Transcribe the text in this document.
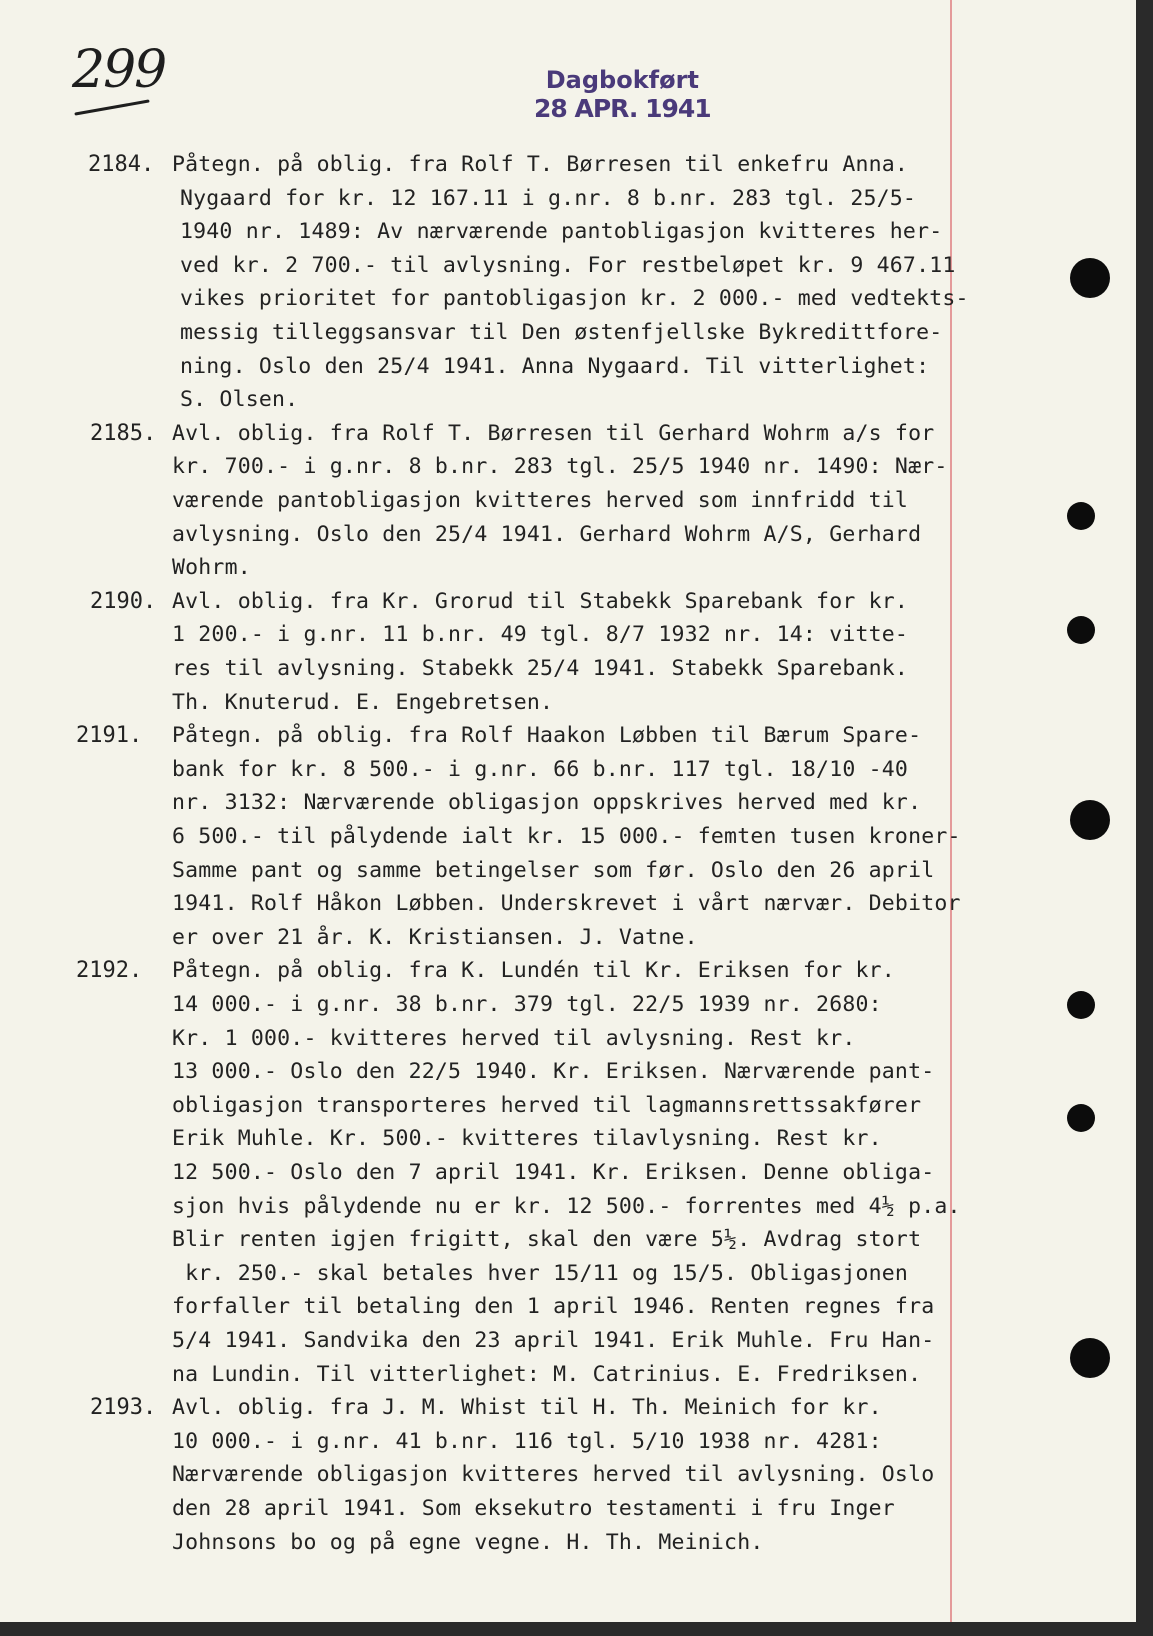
299	Dagbokført
28 APR. 1941
2184. Påtegn. på oblig. fra Rolf T. Børresen til enkefru Anna.
Nygaard for kr. 12 167.11 i g.nr. 8 b.nr. 283 tgl. 25/5-
1940 nr. 1489: Av nærværende pantobligasjon kvitteres her-
ved kr. 2 700.- til avlysning. For restbeløpet kr. 9 467.11
vikes prioritet for pantobligasjon kr. 2 000.- med vedtekts-
messig tilleggsansvar til Den østenfjellske Bykredittfore-
ning. Oslo den 25/4 1941. Anna Nygaard. Til vitterlighet:
S. Olsen.
2185. Avl. oblig. fra Rolf T. Børresen til Gerhard Wohrm a/s for
kr. 700.- i g.nr. 8 b.nr. 283 tgl. 25/5 1940 nr. 1490: Nær-
værende pantobligasjon kvitteres herved som innfridd til
avlysning. Oslo den 25/4 1941. Gerhard Wohrm A/S, Gerhard
Wohrm.
2190. Avl. oblig. fra Kr. Grorud til Stabekk Sparebank for kr.
1 200.- i g.nr. 11 b.nr. 49 tgl. 8/7 1932 nr. 14: vitte-
res til avlysning. Stabekk 25/4 1941. Stabekk Sparebank.
Th. Knuterud. E. Engebretsen.
2191. Påtegn. på oblig. fra Rolf Haakon Løbben til Bærum Spare-
bank for kr. 8 500.- i g.nr. 66 b.nr. 117 tgl. 18/10 -40
nr. 3132: Nærværende obligasjon oppskrives herved med kr.
6 500.- til pålydende ialt kr. 15 000.- femten tusen kroner-
Samme pant og samme betingelser som før. Oslo den 26 april
1941. Rolf Håkon Løbben. Underskrevet i vårt nærvær. Debitor
er over 21 år. K. Kristiansen. J. Vatne.
2192. Påtegn. på oblig. fra K. Lundén til Kr. Eriksen for kr.
14 000.- i g.nr. 38 b.nr. 379 tgl. 22/5 1939 nr. 2680:
Kr. 1 000.- kvitteres herved til avlysning. Rest kr.
13 000.- Oslo den 22/5 1940. Kr. Eriksen. Nærværende pant-
obligasjon transporteres herved til lagmannsrettssakfører
Erik Muhle. Kr. 500.- kvitteres tilavlysning. Rest kr.
12 500.- Oslo den 7 april 1941. Kr. Eriksen. Denne obliga-
sjon hvis pålydende nu er kr. 12 500.- forrentes med 4½ p.a.
Blir renten igjen frigitt, skal den være 5½. Avdrag stort
kr. 250.- skal betales hver 15/11 og 15/5. Obligasjonen
forfaller til betaling den 1 april 1946. Renten regnes fra
5/4 1941. Sandvika den 23 april 1941. Erik Muhle. Fru Han-
na Lundin. Til vitterlighet: M. Catrinius. E. Fredriksen.
2193. Avl. oblig. fra J. M. Whist til H. Th. Meinich for kr.
10 000.- i g.nr. 41 b.nr. 116 tgl. 5/10 1938 nr. 4281:
Nærværende obligasjon kvitteres herved til avlysning. Oslo
den 28 april 1941. Som eksekutro testamenti i fru Inger
Johnsons bo og på egne vegne. H. Th. Meinich.
